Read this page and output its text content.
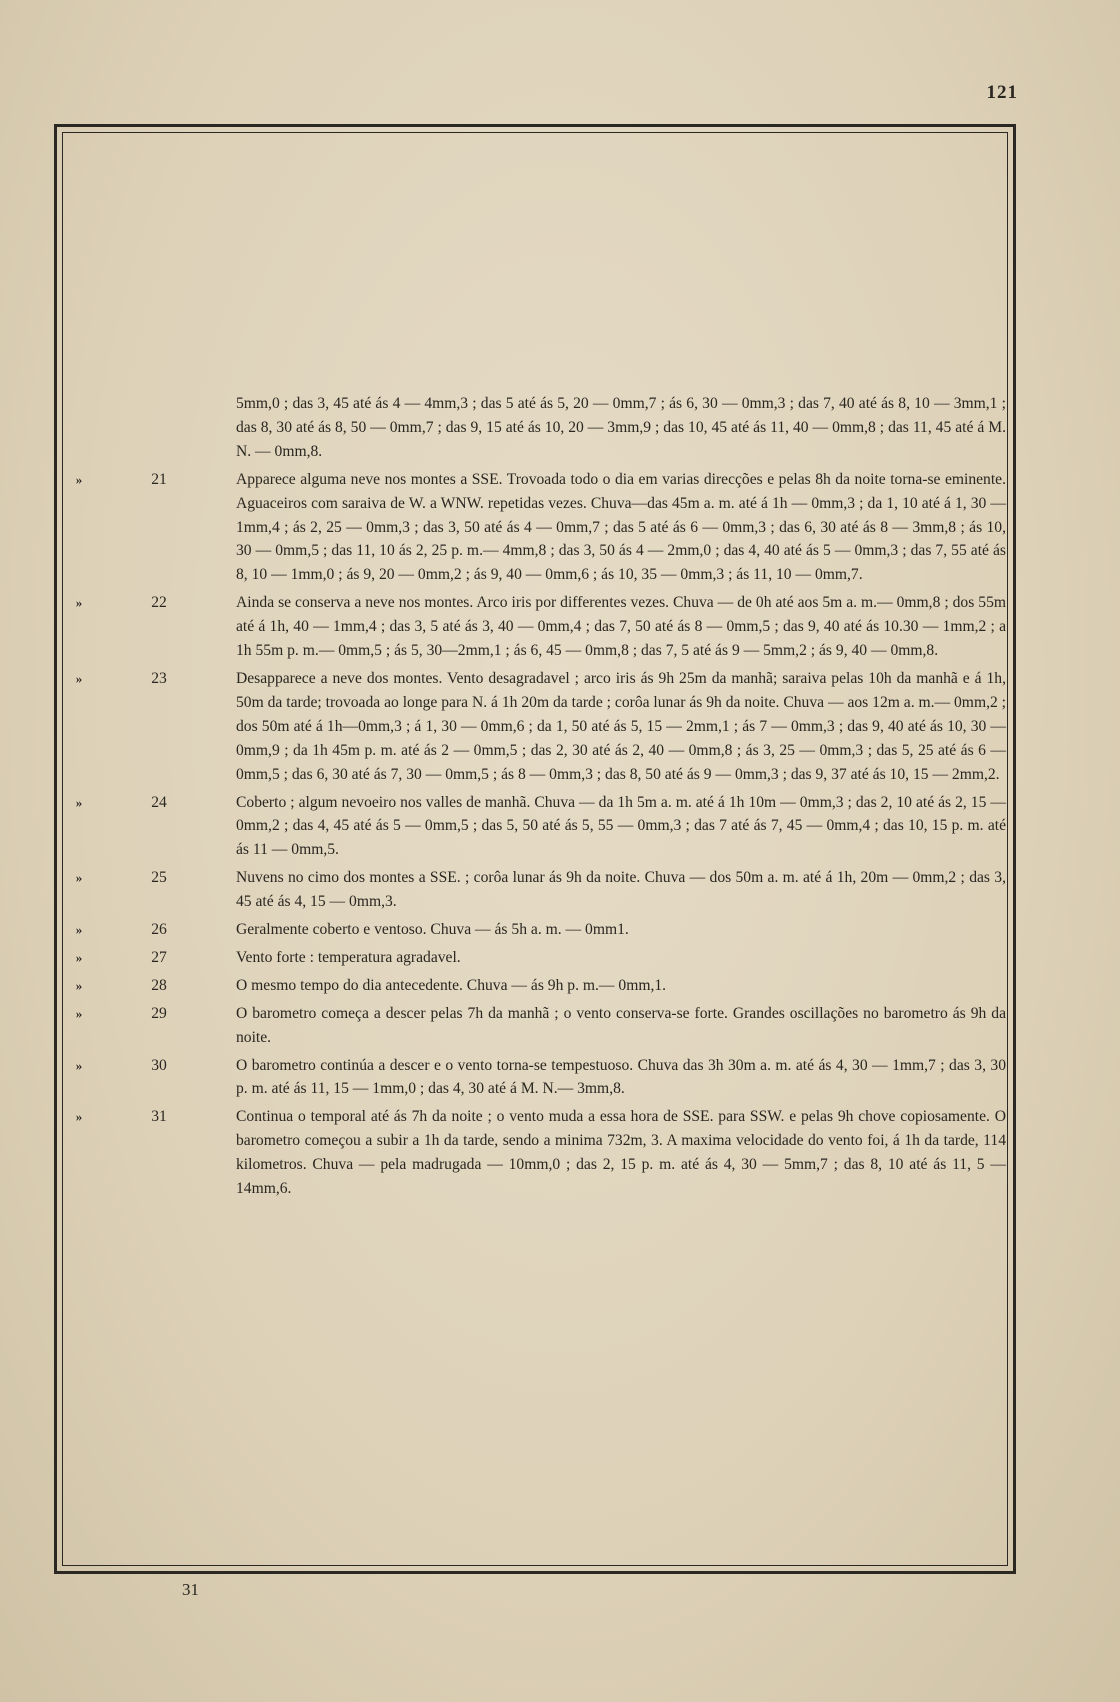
121
5mm,0 ; das 3, 45 até ás 4 — 4mm,3 ; das 5 até ás 5, 20 — 0mm,7 ; ás 6, 30 — 0mm,3 ; das 7, 40 até ás 8, 10 — 3mm,1 ; das 8, 30 até ás 8, 50 — 0mm,7 ; das 9, 15 até ás 10, 20 — 3mm,9 ; das 10, 45 até ás 11, 40 — 0mm,8 ; das 11, 45 até á M. N. — 0mm,8.
»	21	Apparece alguma neve nos montes a SSE. Trovoada todo o dia em varias direcções e pelas 8h da noite torna-se eminente. Aguaceiros com saraiva de W. a WNW. repetidas vezes. Chuva—das 45m a. m. até á 1h — 0mm,3 ; da 1, 10 até á 1, 30 — 1mm,4 ; ás 2, 25 — 0mm,3 ; das 3, 50 até ás 4 — 0mm,7 ; das 5 até ás 6 — 0mm,3 ; das 6, 30 até ás 8 — 3mm,8 ; ás 10, 30 — 0mm,5 ; das 11, 10 ás 2, 25 p. m.— 4mm,8 ; das 3, 50 ás 4 — 2mm,0 ; das 4, 40 até ás 5 — 0mm,3 ; das 7, 55 até ás 8, 10 — 1mm,0 ; ás 9, 20 — 0mm,2 ; ás 9, 40 — 0mm,6 ; ás 10, 35 — 0mm,3 ; ás 11, 10 — 0mm,7.
»	22	Ainda se conserva a neve nos montes. Arco iris por differentes vezes. Chuva — de 0h até aos 5m a. m.— 0mm,8 ; dos 55m até á 1h, 40 — 1mm,4 ; das 3, 5 até ás 3, 40 — 0mm,4 ; das 7, 50 até ás 8 — 0mm,5 ; das 9, 40 até ás 10.30 — 1mm,2 ; a 1h 55m p. m.— 0mm,5 ; ás 5, 30—2mm,1 ; ás 6, 45 — 0mm,8 ; das 7, 5 até ás 9 — 5mm,2 ; ás 9, 40 — 0mm,8.
»	23	Desapparece a neve dos montes. Vento desagradavel ; arco iris ás 9h 25m da manhã; saraiva pelas 10h da manhã e á 1h, 50m da tarde; trovoada ao longe para N. á 1h 20m da tarde ; corôa lunar ás 9h da noite. Chuva — aos 12m a. m.— 0mm,2 ; dos 50m até á 1h—0mm,3 ; á 1, 30 — 0mm,6 ; da 1, 50 até ás 5, 15 — 2mm,1 ; ás 7 — 0mm,3 ; das 9, 40 até ás 10, 30 — 0mm,9 ; da 1h 45m p. m. até ás 2 — 0mm,5 ; das 2, 30 até ás 2, 40 — 0mm,8 ; ás 3, 25 — 0mm,3 ; das 5, 25 até ás 6 — 0mm,5 ; das 6, 30 até ás 7, 30 — 0mm,5 ; ás 8 — 0mm,3 ; das 8, 50 até ás 9 — 0mm,3 ; das 9, 37 até ás 10, 15 — 2mm,2.
»	24	Coberto ; algum nevoeiro nos valles de manhã. Chuva — da 1h 5m a. m. até á 1h 10m — 0mm,3 ; das 2, 10 até ás 2, 15 — 0mm,2 ; das 4, 45 até ás 5 — 0mm,5 ; das 5, 50 até ás 5, 55 — 0mm,3 ; das 7 até ás 7, 45 — 0mm,4 ; das 10, 15 p. m. até ás 11 — 0mm,5.
»	25	Nuvens no cimo dos montes a SSE. ; corôa lunar ás 9h da noite. Chuva — dos 50m a. m. até á 1h, 20m — 0mm,2 ; das 3, 45 até ás 4, 15 — 0mm,3.
»	26	Geralmente coberto e ventoso. Chuva — ás 5h a. m. — 0mm1.
»	27	Vento forte : temperatura agradavel.
»	28	O mesmo tempo do dia antecedente. Chuva — ás 9h p. m.— 0mm,1.
»	29	O barometro começa a descer pelas 7h da manhã ; o vento conserva-se forte. Grandes oscillações no barometro ás 9h da noite.
»	30	O barometro continúa a descer e o vento torna-se tempestuoso. Chuva das 3h 30m a. m. até ás 4, 30 — 1mm,7 ; das 3, 30 p. m. até ás 11, 15 — 1mm,0 ; das 4, 30 até á M. N.— 3mm,8.
»	31	Continua o temporal até ás 7h da noite ; o vento muda a essa hora de SSE. para SSW. e pelas 9h chove copiosamente. O barometro começou a subir a 1h da tarde, sendo a minima 732m, 3. A maxima velocidade do vento foi, á 1h da tarde, 114 kilometros. Chuva — pela madrugada — 10mm,0 ; das 2, 15 p. m. até ás 4, 30 — 5mm,7 ; das 8, 10 até ás 11, 5 — 14mm,6.
31
